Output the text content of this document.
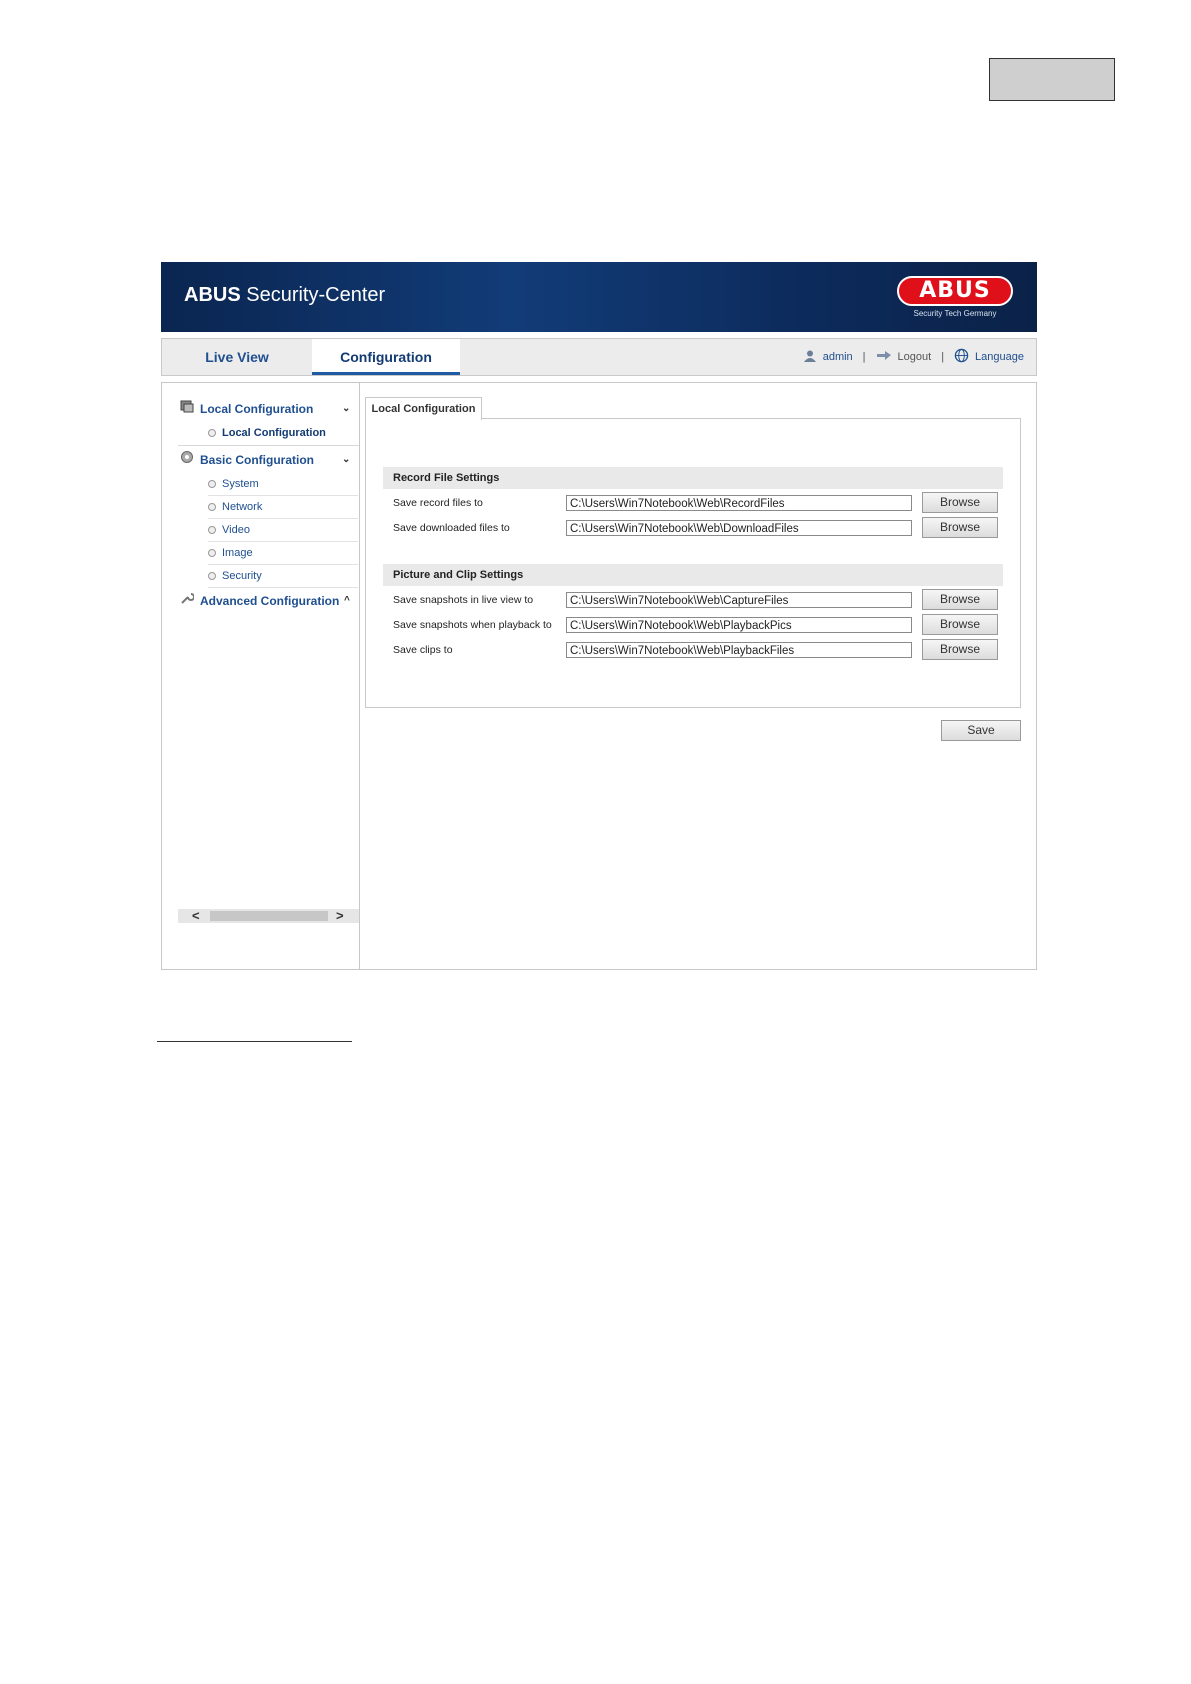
ABUS Security-Center	ABUS
Security Tech Germany
Live View	Configuration	admin |	Logout |	Language
Local Configuration	⌄
Local Configuration
Basic Configuration	⌄
System
Network
Video
Image
Security
Advanced Configuration ^
<	>
Local Configuration
Record File Settings
Save record files to	C:\Users\Win7Notebook\Web\RecordFiles	Browse
Save downloaded files to	C:\Users\Win7Notebook\Web\DownloadFiles	Browse
Picture and Clip Settings
Save snapshots in live view to	C:\Users\Win7Notebook\Web\CaptureFiles	Browse
Save snapshots when playback to	C:\Users\Win7Notebook\Web\PlaybackPics	Browse
Save clips to	C:\Users\Win7Notebook\Web\PlaybackFiles	Browse
Save
